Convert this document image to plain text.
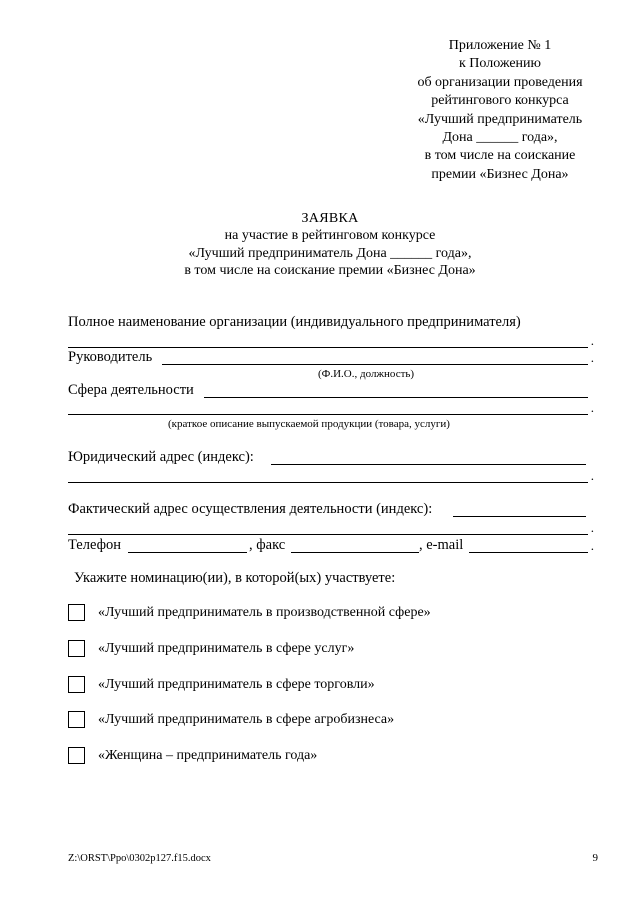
Приложение № 1
к Положению
об организации проведения
рейтингового конкурса
«Лучший предприниматель
Дона ______ года»,
в том числе на соискание
премии «Бизнес Дона»
ЗАЯВКА
на участие в рейтинговом конкурсе
«Лучший предприниматель Дона ______ года»,
в том числе на соискание премии «Бизнес Дона»
Полное наименование организации (индивидуального предпринимателя)
.
Руководитель	.
(Ф.И.О., должность)
Сфера деятельности
.
(краткое описание выпускаемой продукции (товара, услуги)
Юридический адрес (индекс):
.
Фактический адрес осуществления деятельности (индекс):
.
Телефон	, факс	, e-mail	.
Укажите номинацию(ии), в которой(ых) участвуете:
«Лучший предприниматель в производственной сфере»
«Лучший предприниматель в сфере услуг»
«Лучший предприниматель в сфере торговли»
«Лучший предприниматель в сфере агробизнеса»
«Женщина – предприниматель года»
Z:\ORST\Ppo\0302p127.f15.docx	9
